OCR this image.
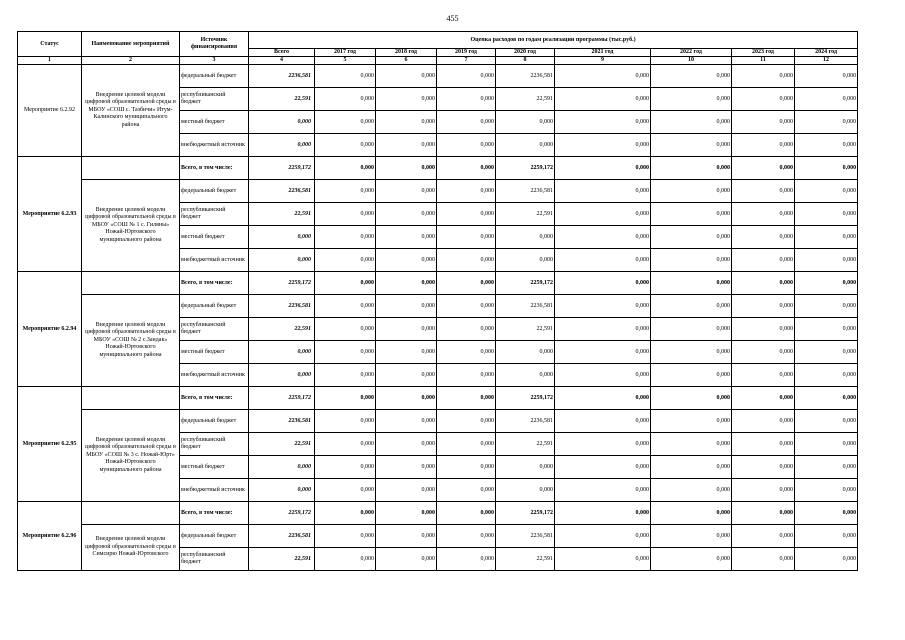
455
Статус	Наименование мероприятий	Источник финансирования	Оценка расходов по годам реализации программы (тыс.руб.)								
			Всего	2017 год	2018 год	2019 год	2020 год	2021 год	2022 год	2023 год	2024 год
1	2	3	4	5	6	7	8	9	10	11	12
Мероприятие 6.2.92	Внедрение целевой модели цифровой образовательной среды в МБОУ «СОШ с. Тазбичи» Итум-Калинского муниципального района	федеральный бюджет	2236,581	0,000	0,000	0,000	2236,581	0,000	0,000	0,000	0,000
		республиканский бюджет	22,591	0,000	0,000	0,000	22,591	0,000	0,000	0,000	0,000
		местный бюджет	0,000	0,000	0,000	0,000	0,000	0,000	0,000	0,000	0,000
		внебюджетный источник	0,000	0,000	0,000	0,000	0,000	0,000	0,000	0,000	0,000
Мероприятие 6.2.93		Всего, в том числе:	2259,172	0,000	0,000	0,000	2259,172	0,000	0,000	0,000	0,000
	Внедрение целевой модели цифровой образовательной среды в МБОУ «СОШ № 1 с. Гиляны» Ножай-Юртовского муниципального района	федеральный бюджет	2236,581	0,000	0,000	0,000	2236,581	0,000	0,000	0,000	0,000
		республиканский бюджет	22,591	0,000	0,000	0,000	22,591	0,000	0,000	0,000	0,000
		местный бюджет	0,000	0,000	0,000	0,000	0,000	0,000	0,000	0,000	0,000
		внебюджетный источник	0,000	0,000	0,000	0,000	0,000	0,000	0,000	0,000	0,000
Мероприятие 6.2.94		Всего, в том числе:	2259,172	0,000	0,000	0,000	2259,172	0,000	0,000	0,000	0,000
	Внедрение целевой модели цифровой образовательной среды в МБОУ «СОШ № 2 с.Зандак» Ножай-Юртовского муниципального района	федеральный бюджет	2236,581	0,000	0,000	0,000	2236,581	0,000	0,000	0,000	0,000
		республиканский бюджет	22,591	0,000	0,000	0,000	22,591	0,000	0,000	0,000	0,000
		местный бюджет	0,000	0,000	0,000	0,000	0,000	0,000	0,000	0,000	0,000
		внебюджетный источник	0,000	0,000	0,000	0,000	0,000	0,000	0,000	0,000	0,000
Мероприятие 6.2.95		Всего, в том числе:	2259,172	0,000	0,000	0,000	2259,172	0,000	0,000	0,000	0,000
	Внедрение целевой модели цифровой образовательной среды в МБОУ «СОШ № 3 с. Ножай-Юрт» Ножай-Юртовского муниципального района	федеральный бюджет	2236,581	0,000	0,000	0,000	2236,581	0,000	0,000	0,000	0,000
		республиканский бюджет	22,591	0,000	0,000	0,000	22,591	0,000	0,000	0,000	0,000
		местный бюджет	0,000	0,000	0,000	0,000	0,000	0,000	0,000	0,000	0,000
		внебюджетный источник	0,000	0,000	0,000	0,000	0,000	0,000	0,000	0,000	0,000
Мероприятие 6.2.96		Всего, в том числе:	2259,172	0,000	0,000	0,000	2259,172	0,000	0,000	0,000	0,000
	Внедрение целевой модели цифровой образовательной среды в Симсирю Ножай-Юртовского	федеральный бюджет	2236,581	0,000	0,000	0,000	2236,581	0,000	0,000	0,000	0,000
		республиканский бюджет	22,591	0,000	0,000	0,000	22,591	0,000	0,000	0,000	0,000
